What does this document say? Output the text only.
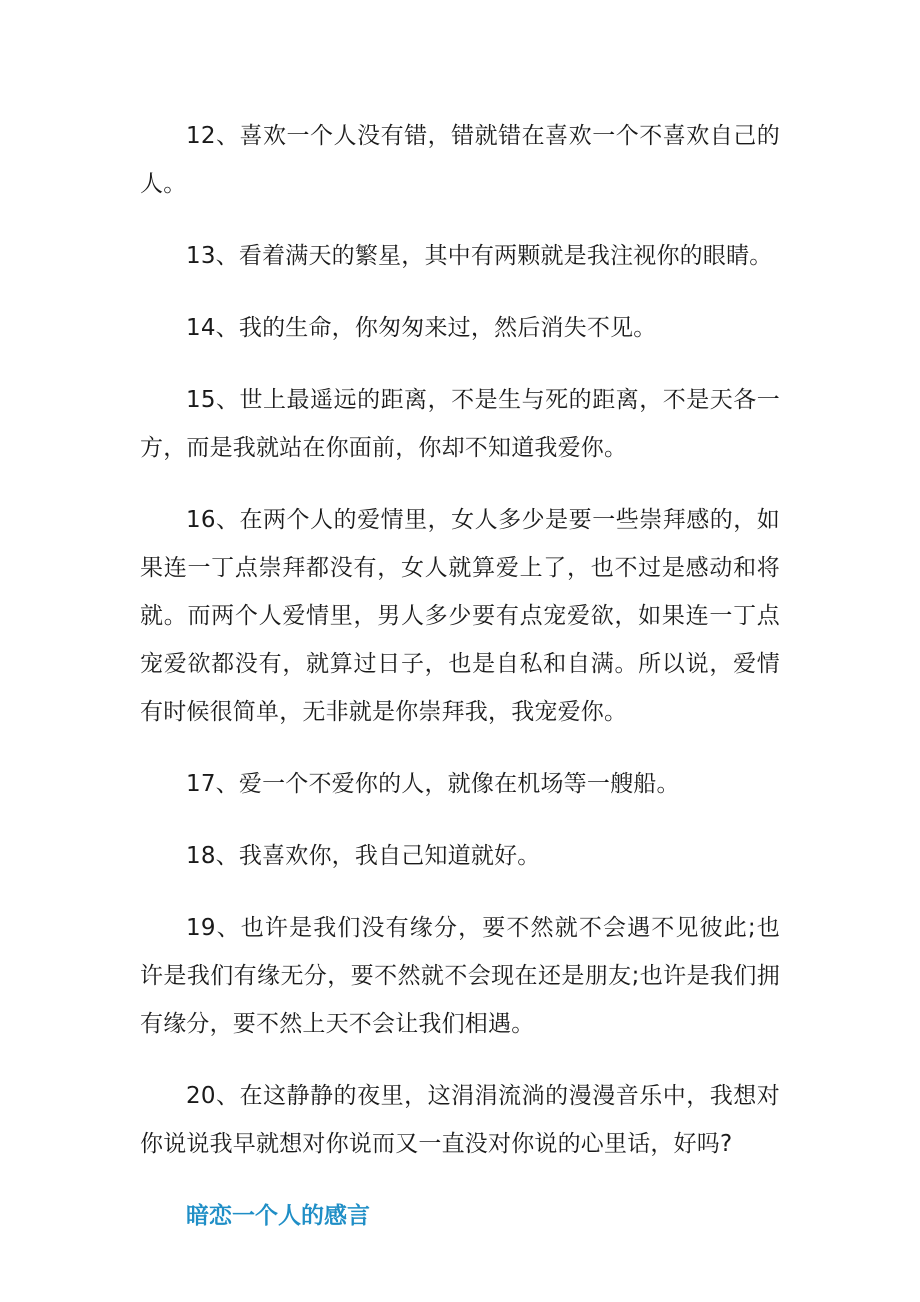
12、喜欢一个人没有错，错就错在喜欢一个不喜欢自己的人。

13、看着满天的繁星，其中有两颗就是我注视你的眼睛。

14、我的生命，你匆匆来过，然后消失不见。

15、世上最遥远的距离，不是生与死的距离，不是天各一方，而是我就站在你面前，你却不知道我爱你。

16、在两个人的爱情里，女人多少是要一些崇拜感的，如果连一丁点崇拜都没有，女人就算爱上了，也不过是感动和将就。而两个人爱情里，男人多少要有点宠爱欲，如果连一丁点宠爱欲都没有，就算过日子，也是自私和自满。所以说，爱情有时候很简单，无非就是你崇拜我，我宠爱你。

17、爱一个不爱你的人，就像在机场等一艘船。

18、我喜欢你，我自己知道就好。

19、也许是我们没有缘分，要不然就不会遇不见彼此;也许是我们有缘无分，要不然就不会现在还是朋友;也许是我们拥有缘分，要不然上天不会让我们相遇。

20、在这静静的夜里，这涓涓流淌的漫漫音乐中，我想对你说说我早就想对你说而又一直没对你说的心里话，好吗?

暗恋一个人的感言
